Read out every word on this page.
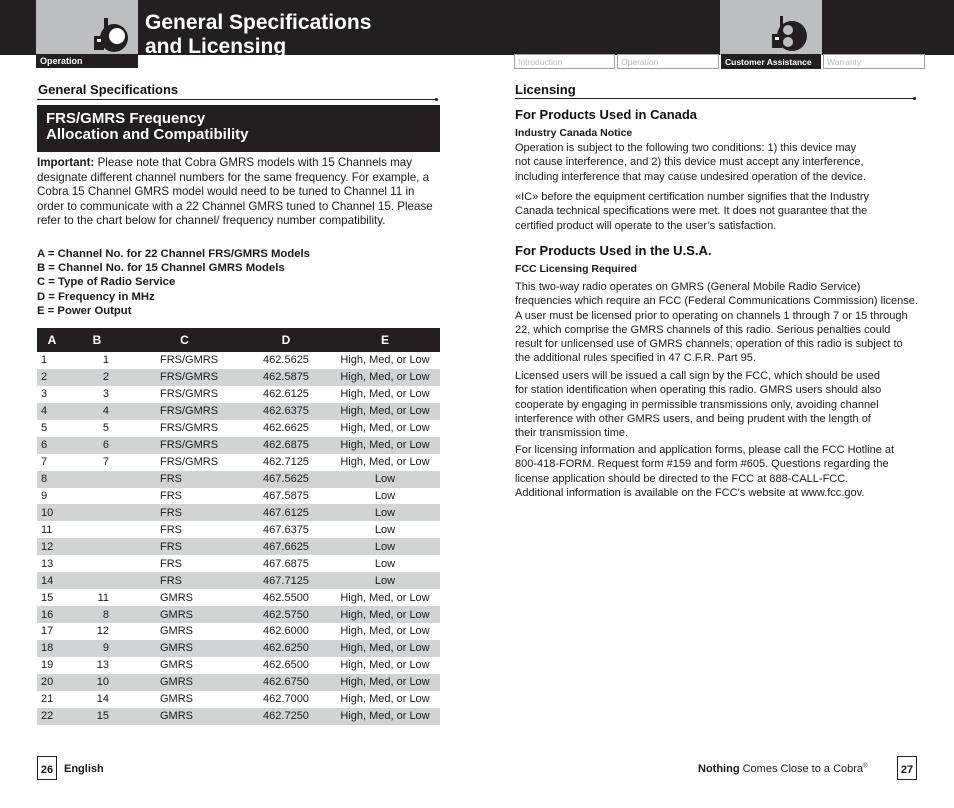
Operation
General Specifications
and Licensing
Introduction	Operation	Customer Assistance	Warranty
General Specifications
FRS/GMRS Frequency
Allocation and Compatibility
Important: Please note that Cobra GMRS models with 15 Channels may designate different channel numbers for the same frequency. For example, a Cobra 15 Channel GMRS model would need to be tuned to Channel 11 in order to communicate with a 22 Channel GMRS tuned to Channel 15. Please refer to the chart below for channel/ frequency number compatibility.
A = Channel No. for 22 Channel FRS/GMRS Models
B = Channel No. for 15 Channel GMRS Models
C = Type of Radio Service
D = Frequency in MHz
E = Power Output
A	B	C	D	E
1	1	FRS/GMRS	462.5625	High, Med, or Low
2	2	FRS/GMRS	462.5875	High, Med, or Low
3	3	FRS/GMRS	462.6125	High, Med, or Low
4	4	FRS/GMRS	462.6375	High, Med, or Low
5	5	FRS/GMRS	462.6625	High, Med, or Low
6	6	FRS/GMRS	462.6875	High, Med, or Low
7	7	FRS/GMRS	462.7125	High, Med, or Low
8		FRS	467.5625	Low
9		FRS	467.5875	Low
10		FRS	467.6125	Low
11		FRS	467.6375	Low
12		FRS	467.6625	Low
13		FRS	467.6875	Low
14		FRS	467.7125	Low
15	11	GMRS	462.5500	High, Med, or Low
16	8	GMRS	462.5750	High, Med, or Low
17	12	GMRS	462.6000	High, Med, or Low
18	9	GMRS	462.6250	High, Med, or Low
19	13	GMRS	462.6500	High, Med, or Low
20	10	GMRS	462.6750	High, Med, or Low
21	14	GMRS	462.7000	High, Med, or Low
22	15	GMRS	462.7250	High, Med, or Low
Licensing
For Products Used in Canada
Industry Canada Notice
Operation is subject to the following two conditions: 1) this device may not cause interference, and 2) this device must accept any interference, including interference that may cause undesired operation of the device.
«IC» before the equipment certification number signifies that the Industry Canada technical specifications were met. It does not guarantee that the certified product will operate to the user’s satisfaction.
For Products Used in the U.S.A.
FCC Licensing Required
This two-way radio operates on GMRS (General Mobile Radio Service) frequencies which require an FCC (Federal Communications Commission) license. A user must be licensed prior to operating on channels 1 through 7 or 15 through 22, which comprise the GMRS channels of this radio. Serious penalties could result for unlicensed use of GMRS channels; operation of this radio is subject to the additional rules specified in 47 C.F.R. Part 95.
Licensed users will be issued a call sign by the FCC, which should be used for station identification when operating this radio. GMRS users should also cooperate by engaging in permissible transmissions only, avoiding channel interference with other GMRS users, and being prudent with the length of their transmission time.
For licensing information and application forms, please call the FCC Hotline at 800-418-FORM. Request form #159 and form #605. Questions regarding the license application should be directed to the FCC at 888-CALL-FCC. Additional information is available on the FCC’s website at www.fcc.gov.
26 English	Nothing Comes Close to a Cobra®	27
